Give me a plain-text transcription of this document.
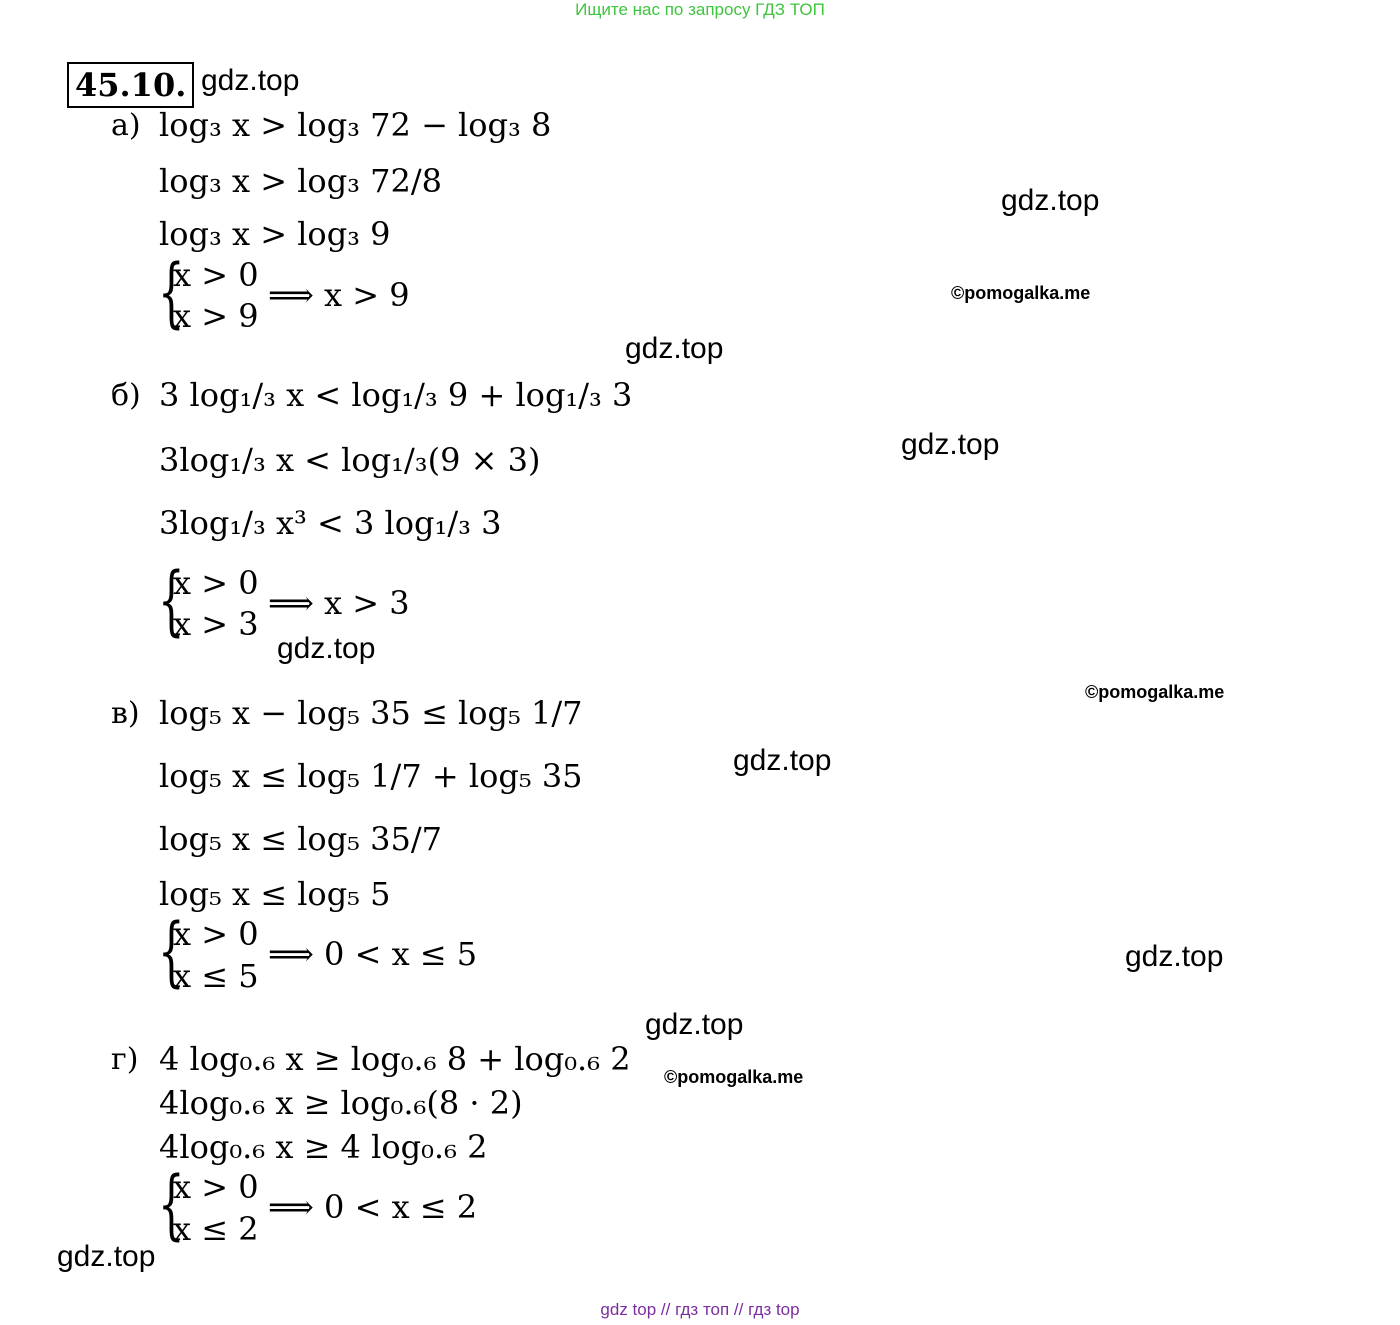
Ищите нас по запросу ГДЗ ТОП
gdz top // гдз топ // гдз top
45.10. gdz.top
gdz.top
gdz.top
gdz.top
gdz.top
gdz.top
gdz.top
gdz.top
gdz.top
©pomogalka.me
©pomogalka.me
©pomogalka.me
а) log₃ x > log₃ 72 − log₃ 8
log₃ x > log₃ 72/8
log₃ x > log₃ 9
{
x > 0
x > 9
⟹ x > 9
б) 3 log₁/₃ x < log₁/₃ 9 + log₁/₃ 3
3log₁/₃ x < log₁/₃(9 × 3)
3log₁/₃ x³ < 3 log₁/₃ 3
{
x > 0
x > 3
⟹ x > 3
в) log₅ x − log₅ 35 ≤ log₅ 1/7
log₅ x ≤ log₅ 1/7 + log₅ 35
log₅ x ≤ log₅ 35/7
log₅ x ≤ log₅ 5
{
x > 0
x ≤ 5
⟹ 0 < x ≤ 5
г) 4 log₀.₆ x ≥ log₀.₆ 8 + log₀.₆ 2
4log₀.₆ x ≥ log₀.₆(8 · 2)
4log₀.₆ x ≥ 4 log₀.₆ 2
{
x > 0
x ≤ 2
⟹ 0 < x ≤ 2
